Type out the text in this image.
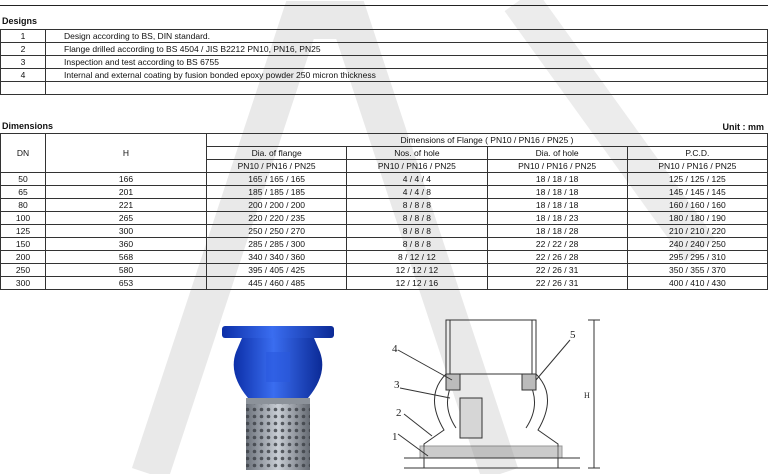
Designs
1	Design according to BS, DIN standard.
2	Flange drilled according to BS 4504 / JIS B2212 PN10, PN16, PN25
3	Inspection and test according to BS 6755
4	Internal and external coating by fusion bonded epoxy powder 250 micron thickness

Dimensions	Unit : mm
DN	H	Dimensions of Flange ( PN10 / PN16 / PN25 )			
		Dia. of flange	Nos. of hole	Dia. of hole	P.C.D.
		PN10 / PN16 / PN25	PN10 / PN16 / PN25	PN10 / PN16 / PN25	PN10 / PN16 / PN25
50	166	165 / 165 / 165	4 / 4 / 4	18 / 18 / 18	125 / 125 / 125
65	201	185 / 185 / 185	4 / 4 / 8	18 / 18 / 18	145 / 145 / 145
80	221	200 / 200 / 200	8 / 8 / 8	18 / 18 / 18	160 / 160 / 160
100	265	220 / 220 / 235	8 / 8 / 8	18 / 18 / 23	180 / 180 / 190
125	300	250 / 250 / 270	8 / 8 / 8	18 / 18 / 28	210 / 210 / 220
150	360	285 / 285 / 300	8 / 8 / 8	22 / 22 / 28	240 / 240 / 250
200	568	340 / 340 / 360	8 / 12 / 12	22 / 26 / 28	295 / 295 / 310
250	580	395 / 405 / 425	12 / 12 / 12	22 / 26 / 31	350 / 355 / 370
300	653	445 / 460 / 485	12 / 12 / 16	22 / 26 / 31	400 / 410 / 430
1
2
3
4
5
H
